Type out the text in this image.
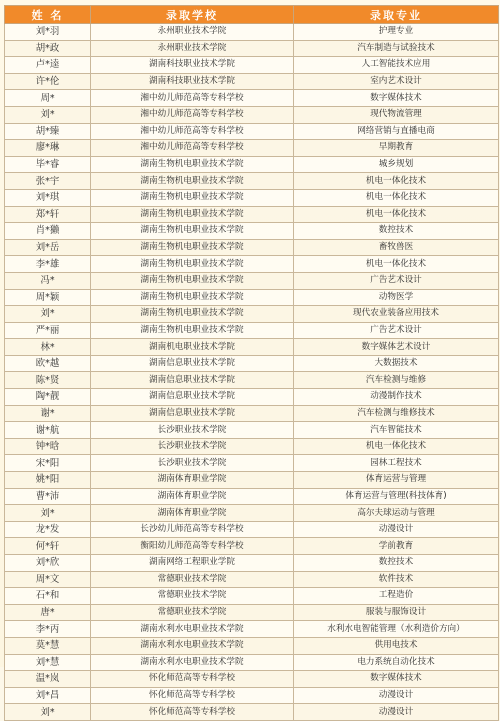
姓 名	录取学校	录取专业
刘*羽	永州职业技术学院	护理专业
胡*政	永州职业技术学院	汽车制造与试验技术
卢*逵	湖南科技职业技术学院	人工智能技术应用
许*伦	湖南科技职业技术学院	室内艺术设计
周*	湘中幼儿师范高等专科学校	数字媒体技术
刘*	湘中幼儿师范高等专科学校	现代物流管理
胡*臻	湘中幼儿师范高等专科学校	网络营销与直播电商
廖*琳	湘中幼儿师范高等专科学校	早期教育
毕*睿	湖南生物机电职业技术学院	城乡规划
张*宇	湖南生物机电职业技术学院	机电一体化技术
刘*琪	湖南生物机电职业技术学院	机电一体化技术
郑*轩	湖南生物机电职业技术学院	机电一体化技术
肖*獭	湖南生物机电职业技术学院	数控技术
刘*岳	湖南生物机电职业技术学院	畜牧兽医
李*雄	湖南生物机电职业技术学院	机电一体化技术
冯*	湖南生物机电职业技术学院	广告艺术设计
周*颖	湖南生物机电职业技术学院	动物医学
刘*	湖南生物机电职业技术学院	现代农业装备应用技术
严*丽	湖南生物机电职业技术学院	广告艺术设计
林*	湖南机电职业技术学院	数字媒体艺术设计
欧*越	湖南信息职业技术学院	大数据技术
陈*贤	湖南信息职业技术学院	汽车检测与维修
陶*靓	湖南信息职业技术学院	动漫制作技术
谢*	湖南信息职业技术学院	汽车检测与维修技术
谢*航	长沙职业技术学院	汽车智能技术
钟*晗	长沙职业技术学院	机电一体化技术
宋*阳	长沙职业技术学院	园林工程技术
姚*阳	湖南体育职业学院	体育运营与管理
曹*沛	湖南体育职业学院	体育运营与管理(科技体育)
刘*	湖南体育职业学院	高尔夫球运动与管理
龙*发	长沙幼儿师范高等专科学校	动漫设计
何*轩	衡阳幼儿师范高等专科学校	学前教育
刘*欣	湖南网络工程职业学院	数控技术
周*文	常德职业技术学院	软件技术
石*和	常德职业技术学院	工程造价
唐*	常德职业技术学院	服装与服饰设计
李*丙	湖南水利水电职业技术学院	水利水电智能管理（水利造价方向）
莫*慧	湖南水利水电职业技术学院	供用电技术
刘*慧	湖南水利水电职业技术学院	电力系统自动化技术
温*岚	怀化师范高等专科学校	数字媒体技术
刘*昌	怀化师范高等专科学校	动漫设计
刘*	怀化师范高等专科学校	动漫设计
